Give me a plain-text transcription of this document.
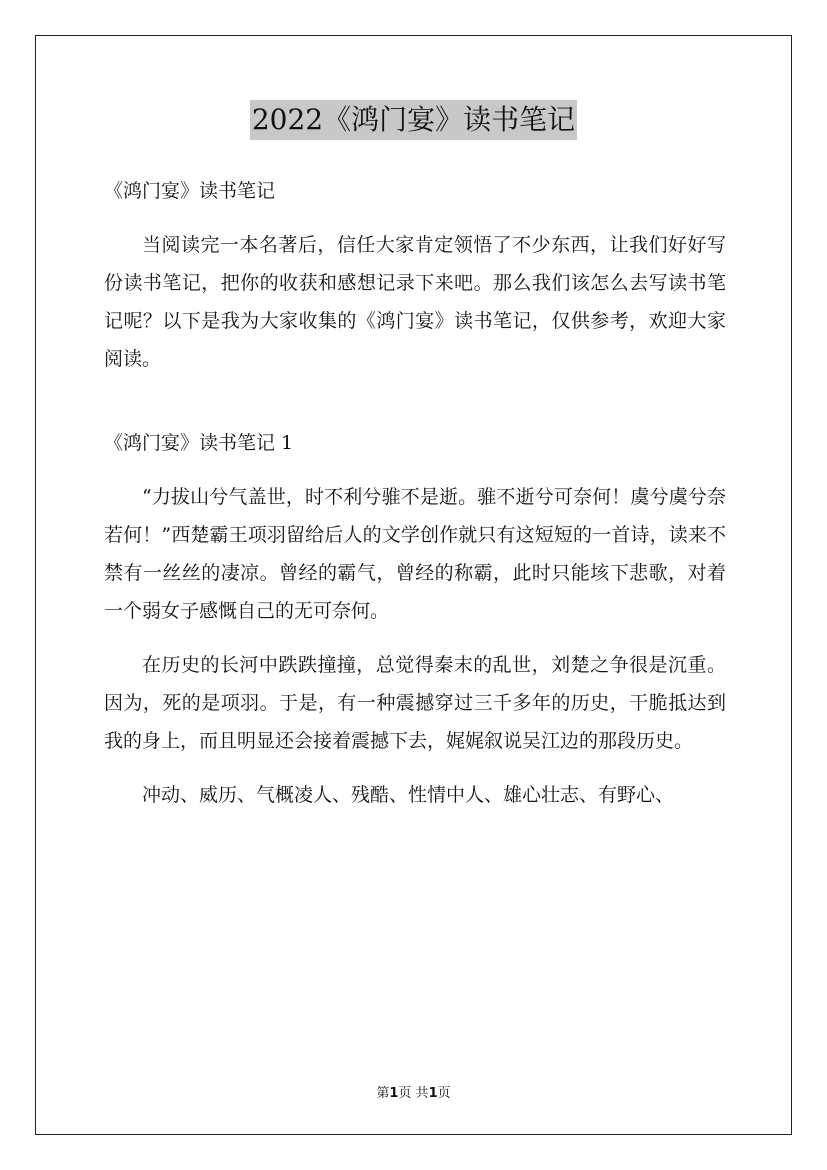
2022《鸿门宴》读书笔记

《鸿门宴》读书笔记

当阅读完一本名著后，信任大家肯定领悟了不少东西，让我们好好写份读书笔记，把你的收获和感想记录下来吧。那么我们该怎么去写读书笔记呢？以下是我为大家收集的《鸿门宴》读书笔记，仅供参考，欢迎大家阅读。

《鸿门宴》读书笔记 1

“力拔山兮气盖世，时不利兮骓不是逝。骓不逝兮可奈何！虞兮虞兮奈若何！”西楚霸王项羽留给后人的文学创作就只有这短短的一首诗，读来不禁有一丝丝的凄凉。曾经的霸气，曾经的称霸，此时只能垓下悲歌，对着一个弱女子感慨自己的无可奈何。

在历史的长河中跌跌撞撞，总觉得秦末的乱世，刘楚之争很是沉重。因为，死的是项羽。于是，有一种震撼穿过三千多年的历史，干脆抵达到我的身上，而且明显还会接着震撼下去，娓娓叙说吴江边的那段历史。

冲动、威历、气概凌人、残酷、性情中人、雄心壮志、有野心、

第1页 共1页
